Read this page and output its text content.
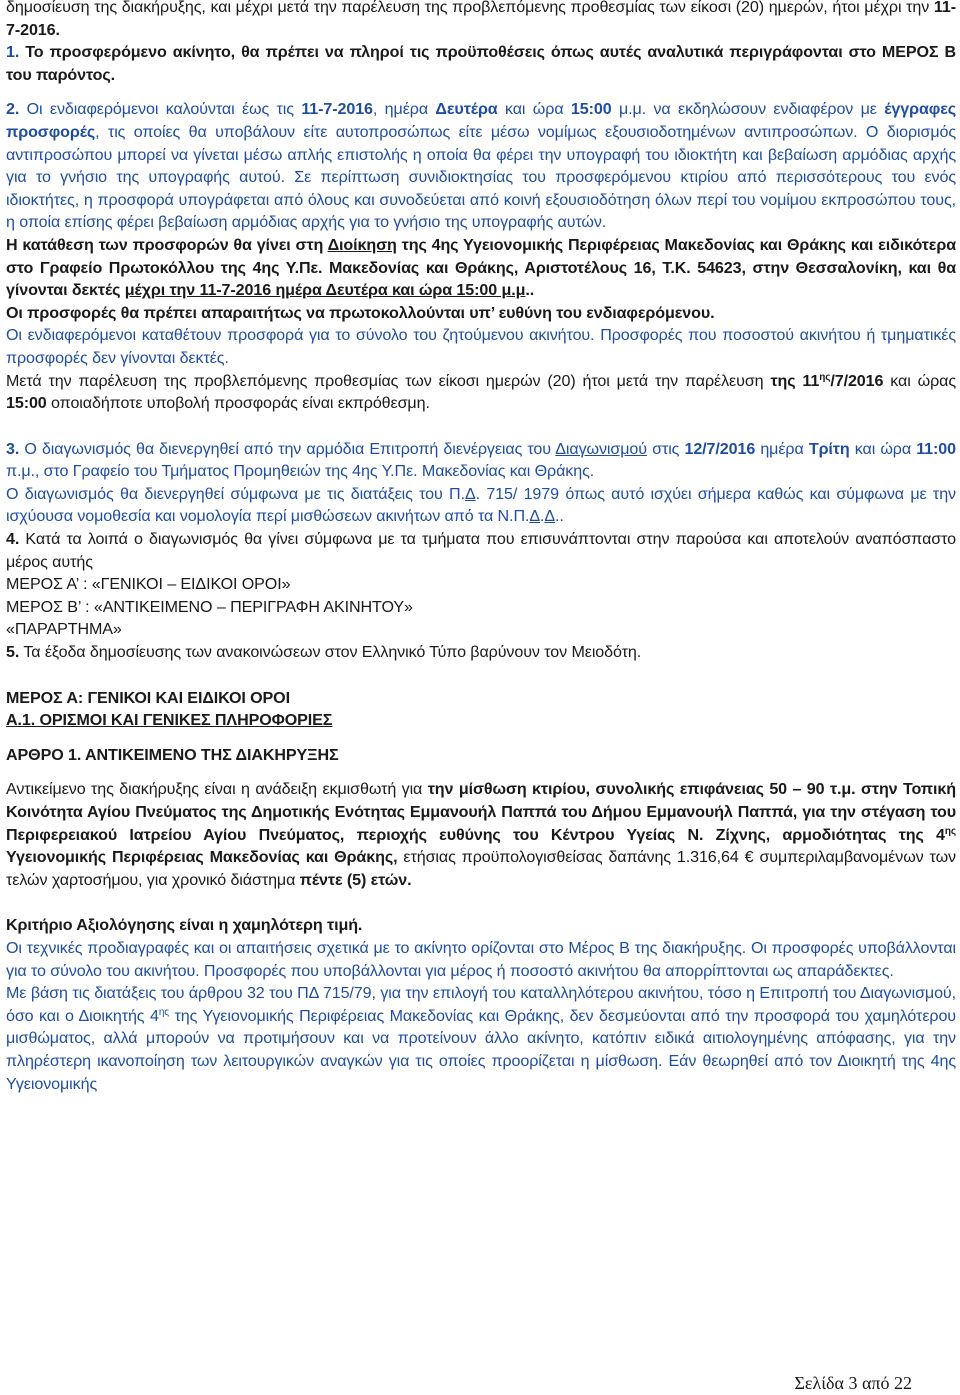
δημοσίευση της διακήρυξης, και μέχρι μετά την παρέλευση της προβλεπόμενης προθεσμίας των είκοσι (20) ημερών, ήτοι μέχρι την 11-7-2016.

1. Το προσφερόμενο ακίνητο, θα πρέπει να πληροί τις προϋποθέσεις όπως αυτές αναλυτικά περιγράφονται στο ΜΕΡΟΣ Β του παρόντος.

2. Οι ενδιαφερόμενοι καλούνται έως τις 11-7-2016, ημέρα Δευτέρα και ώρα 15:00 μ.μ. να εκδηλώσουν ενδιαφέρον με έγγραφες προσφορές, τις οποίες θα υποβάλουν είτε αυτοπροσώπως είτε μέσω νομίμως εξουσιοδοτημένων αντιπροσώπων. Ο διορισμός αντιπροσώπου μπορεί να γίνεται μέσω απλής επιστολής η οποία θα φέρει την υπογραφή του ιδιοκτήτη και βεβαίωση αρμόδιας αρχής για το γνήσιο της υπογραφής αυτού. Σε περίπτωση συνιδιοκτησίας του προσφερόμενου κτιρίου από περισσότερους του ενός ιδιοκτήτες, η προσφορά υπογράφεται από όλους και συνοδεύεται από κοινή εξουσιοδότηση όλων περί του νομίμου εκπροσώπου τους, η οποία επίσης φέρει βεβαίωση αρμόδιας αρχής για το γνήσιο της υπογραφής αυτών.

Η κατάθεση των προσφορών θα γίνει στη Διοίκηση της 4ης Υγειονομικής Περιφέρειας Μακεδονίας και Θράκης και ειδικότερα στο Γραφείο Πρωτοκόλλου της 4ης Υ.Πε. Μακεδονίας και Θράκης, Αριστοτέλους 16, Τ.Κ. 54623, στην Θεσσαλονίκη, και θα γίνονται δεκτές μέχρι την 11-7-2016 ημέρα Δευτέρα και ώρα 15:00 μ.μ..

Οι προσφορές θα πρέπει απαραιτήτως να πρωτοκολλούνται υπ’ ευθύνη του ενδιαφερόμενου.

Οι ενδιαφερόμενοι καταθέτουν προσφορά για το σύνολο του ζητούμενου ακινήτου. Προσφορές που ποσοστού ακινήτου ή τμηματικές προσφορές δεν γίνονται δεκτές.

Μετά την παρέλευση της προβλεπόμενης προθεσμίας των είκοσι ημερών (20) ήτοι μετά την παρέλευση της $11^{\eta\varsigma}/7/2016$ και ώρας 15:00 οποιαδήποτε υποβολή προσφοράς είναι εκπρόθεσμη.

3. Ο διαγωνισμός θα διενεργηθεί από την αρμόδια Επιτροπή διενέργειας του Διαγωνισμού στις 12/7/2016 ημέρα Τρίτη και ώρα 11:00 π.μ., στο Γραφείο του Τμήματος Προμηθειών της 4ης Υ.Πε. Μακεδονίας και Θράκης.

Ο διαγωνισμός θα διενεργηθεί σύμφωνα με τις διατάξεις του Π.Δ. 715/ 1979 όπως αυτό ισχύει σήμερα καθώς και σύμφωνα με την ισχύουσα νομοθεσία και νομολογία περί μισθώσεων ακινήτων από τα Ν.Π.Δ.Δ..

4. Κατά τα λοιπά ο διαγωνισμός θα γίνει σύμφωνα με τα τμήματα που επισυνάπτονται στην παρούσα και αποτελούν αναπόσπαστο μέρος αυτής

ΜΕΡΟΣ Α’ : «ΓΕΝΙΚΟΙ – ΕΙΔΙΚΟΙ ΟΡΟΙ»

ΜΕΡΟΣ Β’ : «ΑΝΤΙΚΕΙΜΕΝΟ – ΠΕΡΙΓΡΑΦΗ ΑΚΙΝΗΤΟΥ»

«ΠΑΡΑΡΤΗΜΑ»

5. Τα έξοδα δημοσίευσης των ανακοινώσεων στον Ελληνικό Τύπο βαρύνουν τον Μειοδότη.

ΜΕΡΟΣ Α: ΓΕΝΙΚΟΙ ΚΑΙ ΕΙΔΙΚΟΙ ΟΡΟΙ

Α.1. ΟΡΙΣΜΟΙ ΚΑΙ ΓΕΝΙΚΕΣ ΠΛΗΡΟΦΟΡΙΕΣ

ΑΡΘΡΟ 1. ΑΝΤΙΚΕΙΜΕΝΟ ΤΗΣ ΔΙΑΚΗΡΥΞΗΣ

Αντικείμενο της διακήρυξης είναι η ανάδειξη εκμισθωτή για την μίσθωση κτιρίου, συνολικής επιφάνειας 50 – 90 τ.μ. στην Τοπική Κοινότητα Αγίου Πνεύματος της Δημοτικής Ενότητας Εμμανουήλ Παππά του Δήμου Εμμανουήλ Παππά, για την στέγαση του Περιφερειακού Ιατρείου Αγίου Πνεύματος, περιοχής ευθύνης του Κέντρου Υγείας Ν. Ζίχνης, αρμοδιότητας της $4^{\eta\varsigma}$ Υγειονομικής Περιφέρειας Μακεδονίας και Θράκης, ετήσιας προϋπολογισθείσας δαπάνης 1.316,64 € συμπεριλαμβανομένων των τελών χαρτοσήμου, για χρονικό διάστημα πέντε (5) ετών.

Κριτήριο Αξιολόγησης είναι η χαμηλότερη τιμή.

Οι τεχνικές προδιαγραφές και οι απαιτήσεις σχετικά με το ακίνητο ορίζονται στο Μέρος Β της διακήρυξης. Οι προσφορές υποβάλλονται για το σύνολο του ακινήτου. Προσφορές που υποβάλλονται για μέρος ή ποσοστό ακινήτου θα απορρίπτονται ως απαράδεκτες.

Με βάση τις διατάξεις του άρθρου 32 του ΠΔ 715/79, για την επιλογή του καταλληλότερου ακινήτου, τόσο η Επιτροπή του Διαγωνισμού, όσο και ο Διοικητής $4^{\eta\varsigma}$ της Υγειονομικής Περιφέρειας Μακεδονίας και Θράκης, δεν δεσμεύονται από την προσφορά του χαμηλότερου μισθώματος, αλλά μπορούν να προτιμήσουν και να προτείνουν άλλο ακίνητο, κατόπιν ειδικά αιτιολογημένης απόφασης, για την πληρέστερη ικανοποίηση των λειτουργικών αναγκών για τις οποίες προορίζεται η μίσθωση. Εάν θεωρηθεί από τον Διοικητή της 4ης Υγειονομικής

Σελίδα 3 από 22
